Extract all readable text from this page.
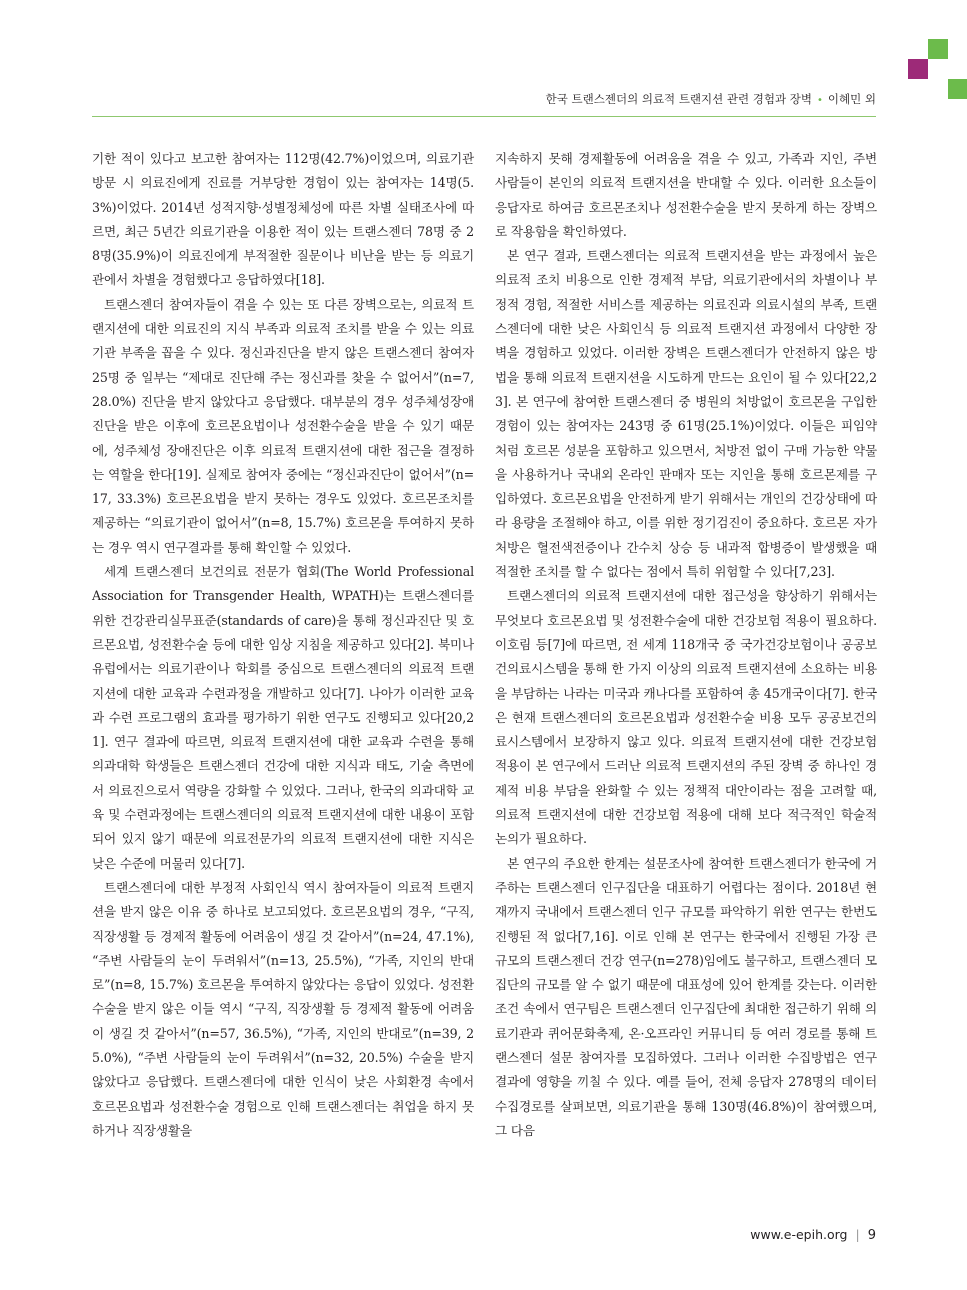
한국 트랜스젠더의 의료적 트랜지션 관련 경험과 장벽 • 이혜민 외

기한 적이 있다고 보고한 참여자는 112명(42.7%)이었으며, 의료기관 방문 시 의료진에게 진료를 거부당한 경험이 있는 참여자는 14명(5.3%)이었다. 2014년 성적지향·성별정체성에 따른 차별 실태조사에 따르면, 최근 5년간 의료기관을 이용한 적이 있는 트랜스젠더 78명 중 28명(35.9%)이 의료진에게 부적절한 질문이나 비난을 받는 등 의료기관에서 차별을 경험했다고 응답하였다[18].

트랜스젠더 참여자들이 겪을 수 있는 또 다른 장벽으로는, 의료적 트랜지션에 대한 의료진의 지식 부족과 의료적 조치를 받을 수 있는 의료기관 부족을 꼽을 수 있다. 정신과진단을 받지 않은 트랜스젠더 참여자 25명 중 일부는 “제대로 진단해 주는 정신과를 찾을 수 없어서”(n=7, 28.0%) 진단을 받지 않았다고 응답했다. 대부분의 경우 성주체성장애 진단을 받은 이후에 호르몬요법이나 성전환수술을 받을 수 있기 때문에, 성주체성 장애진단은 이후 의료적 트랜지션에 대한 접근을 결정하는 역할을 한다[19]. 실제로 참여자 중에는 “정신과진단이 없어서”(n=17, 33.3%) 호르몬요법을 받지 못하는 경우도 있었다. 호르몬조치를 제공하는 “의료기관이 없어서”(n=8, 15.7%) 호르몬을 투여하지 못하는 경우 역시 연구결과를 통해 확인할 수 있었다.

세계 트랜스젠더 보건의료 전문가 협회(The World Professional Association for Transgender Health, WPATH)는 트랜스젠더를 위한 건강관리실무표준(standards of care)을 통해 정신과진단 및 호르몬요법, 성전환수술 등에 대한 임상 지침을 제공하고 있다[2]. 북미나 유럽에서는 의료기관이나 학회를 중심으로 트랜스젠더의 의료적 트랜지션에 대한 교육과 수련과정을 개발하고 있다[7]. 나아가 이러한 교육과 수련 프로그램의 효과를 평가하기 위한 연구도 진행되고 있다[20,21]. 연구 결과에 따르면, 의료적 트랜지션에 대한 교육과 수련을 통해 의과대학 학생들은 트랜스젠더 건강에 대한 지식과 태도, 기술 측면에서 의료진으로서 역량을 강화할 수 있었다. 그러나, 한국의 의과대학 교육 및 수련과정에는 트랜스젠더의 의료적 트랜지션에 대한 내용이 포함되어 있지 않기 때문에 의료전문가의 의료적 트랜지션에 대한 지식은 낮은 수준에 머물러 있다[7].

트랜스젠더에 대한 부정적 사회인식 역시 참여자들이 의료적 트랜지션을 받지 않은 이유 중 하나로 보고되었다. 호르몬요법의 경우, “구직, 직장생활 등 경제적 활동에 어려움이 생길 것 같아서”(n=24, 47.1%), “주변 사람들의 눈이 두려워서”(n=13, 25.5%), “가족, 지인의 반대로”(n=8, 15.7%) 호르몬을 투여하지 않았다는 응답이 있었다. 성전환수술을 받지 않은 이들 역시 “구직, 직장생활 등 경제적 활동에 어려움이 생길 것 같아서”(n=57, 36.5%), “가족, 지인의 반대로”(n=39, 25.0%), “주변 사람들의 눈이 두려워서”(n=32, 20.5%) 수술을 받지 않았다고 응답했다. 트랜스젠더에 대한 인식이 낮은 사회환경 속에서 호르몬요법과 성전환수술 경험으로 인해 트랜스젠더는 취업을 하지 못하거나 직장생활을

지속하지 못해 경제활동에 어려움을 겪을 수 있고, 가족과 지인, 주변 사람들이 본인의 의료적 트랜지션을 반대할 수 있다. 이러한 요소들이 응답자로 하여금 호르몬조치나 성전환수술을 받지 못하게 하는 장벽으로 작용함을 확인하였다.

본 연구 결과, 트랜스젠더는 의료적 트랜지션을 받는 과정에서 높은 의료적 조치 비용으로 인한 경제적 부담, 의료기관에서의 차별이나 부정적 경험, 적절한 서비스를 제공하는 의료진과 의료시설의 부족, 트랜스젠더에 대한 낮은 사회인식 등 의료적 트랜지션 과정에서 다양한 장벽을 경험하고 있었다. 이러한 장벽은 트랜스젠더가 안전하지 않은 방법을 통해 의료적 트랜지션을 시도하게 만드는 요인이 될 수 있다[22,23]. 본 연구에 참여한 트랜스젠더 중 병원의 처방없이 호르몬을 구입한 경험이 있는 참여자는 243명 중 61명(25.1%)이었다. 이들은 피임약처럼 호르몬 성분을 포함하고 있으면서, 처방전 없이 구매 가능한 약물을 사용하거나 국내외 온라인 판매자 또는 지인을 통해 호르몬제를 구입하였다. 호르몬요법을 안전하게 받기 위해서는 개인의 건강상태에 따라 용량을 조절해야 하고, 이를 위한 정기검진이 중요하다. 호르몬 자가처방은 혈전색전증이나 간수치 상승 등 내과적 합병증이 발생했을 때 적절한 조치를 할 수 없다는 점에서 특히 위험할 수 있다[7,23].

트랜스젠더의 의료적 트랜지션에 대한 접근성을 향상하기 위해서는 무엇보다 호르몬요법 및 성전환수술에 대한 건강보험 적용이 필요하다. 이호림 등[7]에 따르면, 전 세계 118개국 중 국가건강보험이나 공공보건의료시스템을 통해 한 가지 이상의 의료적 트랜지션에 소요하는 비용을 부담하는 나라는 미국과 캐나다를 포함하여 총 45개국이다[7]. 한국은 현재 트랜스젠더의 호르몬요법과 성전환수술 비용 모두 공공보건의료시스템에서 보장하지 않고 있다. 의료적 트랜지션에 대한 건강보험 적용이 본 연구에서 드러난 의료적 트랜지션의 주된 장벽 중 하나인 경제적 비용 부담을 완화할 수 있는 정책적 대안이라는 점을 고려할 때, 의료적 트랜지션에 대한 건강보험 적용에 대해 보다 적극적인 학술적 논의가 필요하다.

본 연구의 주요한 한계는 설문조사에 참여한 트랜스젠더가 한국에 거주하는 트랜스젠더 인구집단을 대표하기 어렵다는 점이다. 2018년 현재까지 국내에서 트랜스젠더 인구 규모를 파악하기 위한 연구는 한번도 진행된 적 없다[7,16]. 이로 인해 본 연구는 한국에서 진행된 가장 큰 규모의 트랜스젠더 건강 연구(n=278)임에도 불구하고, 트랜스젠더 모집단의 규모를 알 수 없기 때문에 대표성에 있어 한계를 갖는다. 이러한 조건 속에서 연구팀은 트랜스젠더 인구집단에 최대한 접근하기 위해 의료기관과 퀴어문화축제, 온·오프라인 커뮤니티 등 여러 경로를 통해 트랜스젠더 설문 참여자를 모집하였다. 그러나 이러한 수집방법은 연구 결과에 영향을 끼칠 수 있다. 예를 들어, 전체 응답자 278명의 데이터 수집경로를 살펴보면, 의료기관을 통해 130명(46.8%)이 참여했으며, 그 다음

www.e-epih.org | 9
